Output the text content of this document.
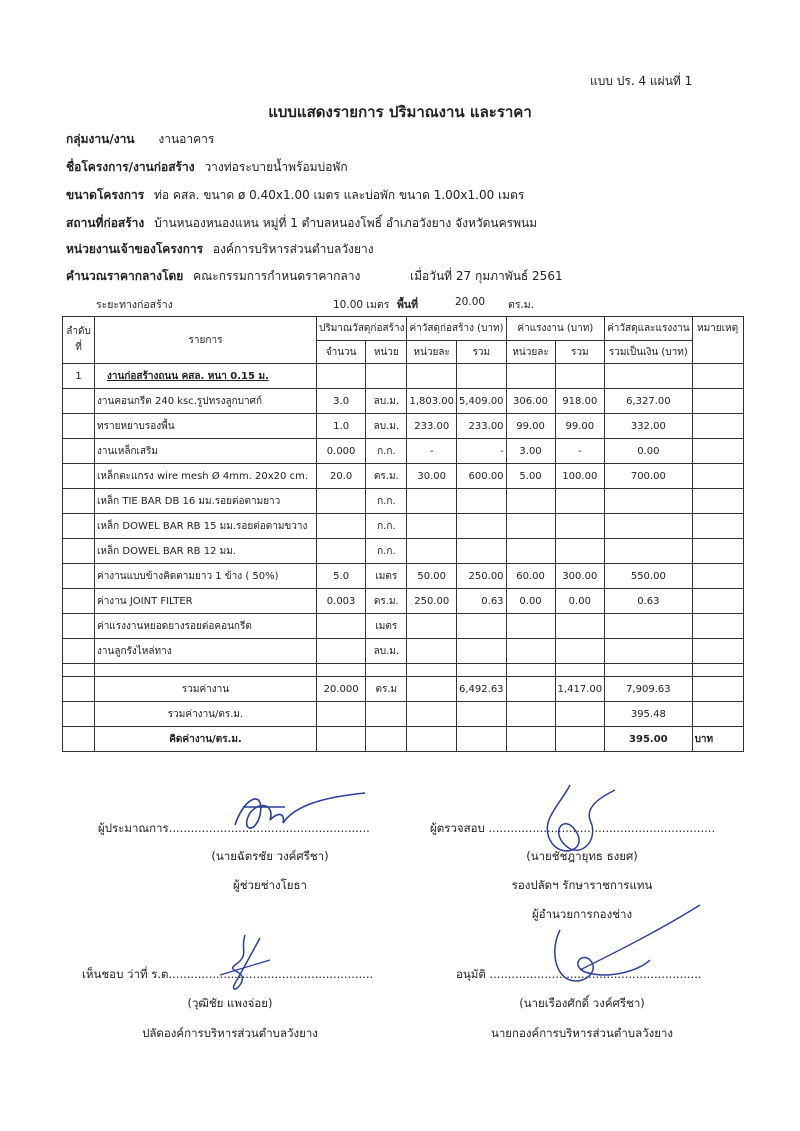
แบบ ปร. 4 แผ่นที่ 1
แบบแสดงรายการ ปริมาณงาน และราคา
กลุ่มงาน/งาน งานอาคาร
ชื่อโครงการ/งานก่อสร้าง วางท่อระบายน้ำพร้อมบ่อพัก
ขนาดโครงการ ท่อ คสล. ขนาด ø 0.40x1.00 เมตร และบ่อพัก ขนาด 1.00x1.00 เมตร
สถานที่ก่อสร้าง บ้านหนองหนองแหน หมู่ที่ 1 ตำบลหนองโพธิ์ อำเภอวังยาง จังหวัดนครพนม
หน่วยงานเจ้าของโครงการ องค์การบริหารส่วนตำบลวังยาง
คำนวณราคากลางโดย คณะกรรมการกำหนดราคากลาง	เมื่อวันที่ 27 กุมภาพันธ์ 2561
ระยะทางก่อสร้าง	10.00 เมตร พื้นที่	20.00 ตร.ม.
ลำดับ
ที่	รายการ	ปริมาณวัสดุก่อสร้าง		ค่าวัสดุก่อสร้าง (บาท)		ค่าแรงงาน (บาท)		ค่าวัสดุและแรงงาน	หมายเหตุ
		จำนวน	หน่วย	หน่วยละ	รวม	หน่วยละ	รวม	รวมเป็นเงิน (บาท)	
1	งานก่อสร้างถนน คสล. หนา 0.15 ม.								
	งานคอนกรีต 240 ksc.รูปทรงลูกบาศก์	3.0	ลบ.ม.	1,803.00	5,409.00	306.00	918.00	6,327.00	
	ทรายหยาบรองพื้น	1.0	ลบ.ม.	233.00	233.00	99.00	99.00	332.00	
	งานเหล็กเสริม	0.000	ก.ก.	-	-	3.00	-	0.00	
	เหล็กตะแกรง wire mesh Ø 4mm. 20x20 cm.	20.0	ตร.ม.	30.00	600.00	5.00	100.00	700.00	
	เหล็ก TIE BAR DB 16 มม.รอยต่อตามยาว		ก.ก.						
	เหล็ก DOWEL BAR RB 15 มม.รอยต่อตามขวาง		ก.ก.						
	เหล็ก DOWEL BAR RB 12 มม.		ก.ก.						
	ค่างานแบบข้างคิดตามยาว 1 ข้าง ( 50%)	5.0	เมตร	50.00	250.00	60.00	300.00	550.00	
	ค่างาน JOINT FILTER	0.003	ตร.ม.	250.00	0.63	0.00	0.00	0.63	
	ค่าแรงงานหยอดยางรอยต่อคอนกรีต		เมตร						
	งานลูกรังไหล่ทาง		ลบ.ม.						

	รวมค่างาน	20.000	ตร.ม		6,492.63		1,417.00	7,909.63	
	รวมค่างาน/ตร.ม.							395.48	
	คิดค่างาน/ตร.ม.							395.00	บาท
ผู้ประมาณการ.......................................................
(นายฉัตรชัย วงค์ศรีชา)
ผู้ช่วยช่างโยธา
ผู้ตรวจสอบ ..............................................................
(นายชัชฎายุทธ ธงยศ)
รองปลัดฯ รักษาราชการแทน
ผู้อำนวยการกองช่าง
เห็นชอบ ว่าที่ ร.ต........................................................
(วุฒิชัย แพงจ่อย)
ปลัดองค์การบริหารส่วนตำบลวังยาง
อนุมัติ ..........................................................
(นายเรืองศักดิ์ วงค์ศรีชา)
นายกองค์การบริหารส่วนตำบลวังยาง
